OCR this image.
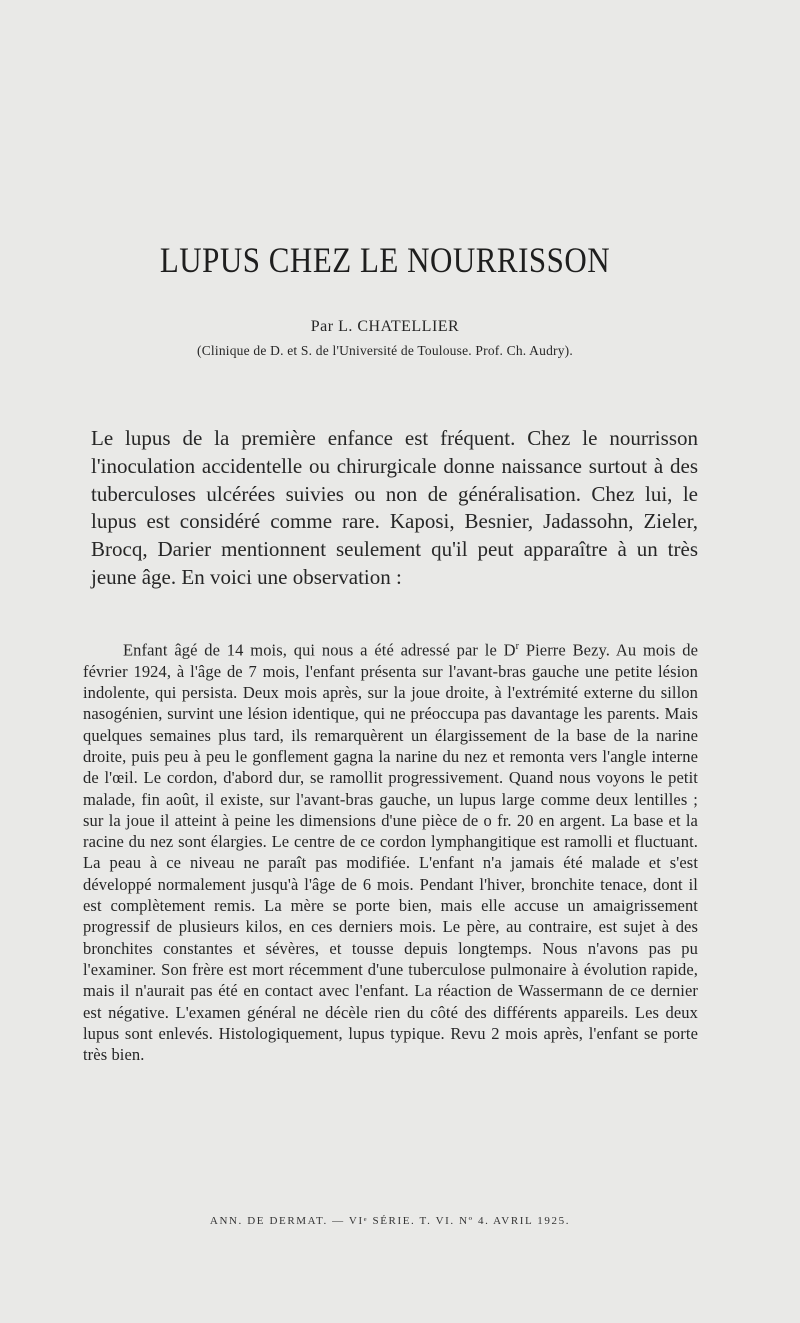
LUPUS CHEZ LE NOURRISSON
Par L. CHATELLIER
(Clinique de D. et S. de l'Université de Toulouse. Prof. Ch. Audry).

Le lupus de la première enfance est fréquent. Chez le nourrisson l'inoculation accidentelle ou chirurgicale donne naissance surtout à des tuberculoses ulcérées suivies ou non de généralisation. Chez lui, le lupus est considéré comme rare. Kaposi, Besnier, Jadassohn, Zieler, Brocq, Darier mentionnent seulement qu'il peut apparaître à un très jeune âge. En voici une observation :

Enfant âgé de 14 mois, qui nous a été adressé par le $D^r$ Pierre Bezy. Au mois de février 1924, à l'âge de 7 mois, l'enfant présenta sur l'avant-bras gauche une petite lésion indolente, qui persista. Deux mois après, sur la joue droite, à l'extrémité externe du sillon nasogénien, survint une lésion identique, qui ne préoccupa pas davantage les parents. Mais quelques semaines plus tard, ils remarquèrent un élargissement de la base de la narine droite, puis peu à peu le gonflement gagna la narine du nez et remonta vers l'angle interne de l'œil. Le cordon, d'abord dur, se ramollit progressivement. Quand nous voyons le petit malade, fin août, il existe, sur l'avant-bras gauche, un lupus large comme deux lentilles ; sur la joue il atteint à peine les dimensions d'une pièce de o fr. 20 en argent. La base et la racine du nez sont élargies. Le centre de ce cordon lymphangitique est ramolli et fluctuant. La peau à ce niveau ne paraît pas modifiée. L'enfant n'a jamais été malade et s'est développé normalement jusqu'à l'âge de 6 mois. Pendant l'hiver, bronchite tenace, dont il est complètement remis. La mère se porte bien, mais elle accuse un amaigrissement progressif de plusieurs kilos, en ces derniers mois. Le père, au contraire, est sujet à des bronchites constantes et sévères, et tousse depuis longtemps. Nous n'avons pas pu l'examiner. Son frère est mort récemment d'une tuberculose pulmonaire à évolution rapide, mais il n'aurait pas été en contact avec l'enfant. La réaction de Wassermann de ce dernier est négative. L'examen général ne décèle rien du côté des différents appareils. Les deux lupus sont enlevés. Histologiquement, lupus typique. Revu 2 mois après, l'enfant se porte très bien.

ANN. DE DERMAT. — VIᵉ SÉRIE. T. VI. Nº 4. AVRIL 1925.
